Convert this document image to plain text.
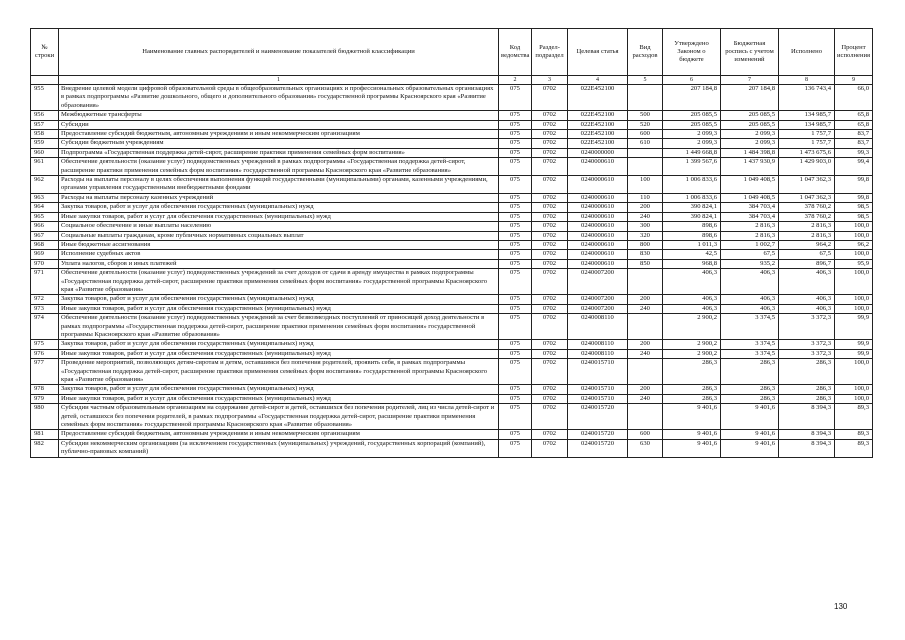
№ строки	Наименование главных распорядителей и наименование показателей бюджетной классификации	Код ведомства	Раздел-подраздел	Целевая статья	Вид расходов	Утверждено Законом о бюджете	Бюджетная роспись с учетом изменений	Исполнено	Процент исполнения
	1	2	3	4	5	6	7	8	9
955	Внедрение целевой модели цифровой образовательной среды в общеобразовательных организациях и профессиональных образовательных организациях в рамках подпрограммы «Развитие дошкольного, общего и дополнительного образования» государственной программы Красноярского края «Развитие образования»	075	0702	022E452100		207 184,8	207 184,8	136 743,4	66,0
956	Межбюджетные трансферты	075	0702	022E452100	500	205 085,5	205 085,5	134 985,7	65,8
957	Субсидии	075	0702	022E452100	520	205 085,5	205 085,5	134 985,7	65,8
958	Предоставление субсидий бюджетным, автономным учреждениям и иным некоммерческим организациям	075	0702	022E452100	600	2 099,3	2 099,3	1 757,7	83,7
959	Субсидии бюджетным учреждениям	075	0702	022E452100	610	2 099,3	2 099,3	1 757,7	83,7
960	Подпрограмма «Государственная поддержка детей-сирот, расширение практики применения семейных форм воспитания»	075	0702	0240000000		1 449 668,8	1 484 398,8	1 473 675,6	99,3
961	Обеспечение деятельности (оказание услуг) подведомственных учреждений в рамках подпрограммы «Государственная поддержка детей-сирот, расширение практики применения семейных форм воспитания» государственной программы Красноярского края «Развитие образования»	075	0702	0240000610		1 399 567,6	1 437 930,9	1 429 903,0	99,4
962	Расходы на выплаты персоналу в целях обеспечения выполнения функций государственными (муниципальными) органами, казенными учреждениями, органами управления государственными внебюджетными фондами	075	0702	0240000610	100	1 006 833,6	1 049 408,5	1 047 362,3	99,8
963	Расходы на выплаты персоналу казенных учреждений	075	0702	0240000610	110	1 006 833,6	1 049 408,5	1 047 362,3	99,8
964	Закупка товаров, работ и услуг для обеспечения государственных (муниципальных) нужд	075	0702	0240000610	200	390 824,1	384 703,4	378 760,2	98,5
965	Иные закупки товаров, работ и услуг для обеспечения государственных (муниципальных) нужд	075	0702	0240000610	240	390 824,1	384 703,4	378 760,2	98,5
966	Социальное обеспечение и иные выплаты населению	075	0702	0240000610	300	898,6	2 816,3	2 816,3	100,0
967	Социальные выплаты гражданам, кроме публичных нормативных социальных выплат	075	0702	0240000610	320	898,6	2 816,3	2 816,3	100,0
968	Иные бюджетные ассигнования	075	0702	0240000610	800	1 011,3	1 002,7	964,2	96,2
969	Исполнение судебных актов	075	0702	0240000610	830	42,5	67,5	67,5	100,0
970	Уплата налогов, сборов и иных платежей	075	0702	0240000610	850	968,8	935,2	896,7	95,9
971	Обеспечение деятельности (оказание услуг) подведомственных учреждений за счет доходов от сдачи в аренду имущества в рамках подпрограммы «Государственная поддержка детей-сирот, расширение практики применения семейных форм воспитания» государственной программы Красноярского края «Развитие образования»	075	0702	0240007200		406,3	406,3	406,3	100,0
972	Закупка товаров, работ и услуг для обеспечения государственных (муниципальных) нужд	075	0702	0240007200	200	406,3	406,3	406,3	100,0
973	Иные закупки товаров, работ и услуг для обеспечения государственных (муниципальных) нужд	075	0702	0240007200	240	406,3	406,3	406,3	100,0
974	Обеспечение деятельности (оказание услуг) подведомственных учреждений за счет безвозмездных поступлений от приносящей доход деятельности в рамках подпрограммы «Государственная поддержка детей-сирот, расширение практики применения семейных форм воспитания» государственной программы Красноярского края «Развитие образования»	075	0702	0240008110		2 900,2	3 374,5	3 372,3	99,9
975	Закупка товаров, работ и услуг для обеспечения государственных (муниципальных) нужд	075	0702	0240008110	200	2 900,2	3 374,5	3 372,3	99,9
976	Иные закупки товаров, работ и услуг для обеспечения государственных (муниципальных) нужд	075	0702	0240008110	240	2 900,2	3 374,5	3 372,3	99,9
977	Проведение мероприятий, позволяющих детям-сиротам и детям, оставшимся без попечения родителей, проявить себя, в рамках подпрограммы «Государственная поддержка детей-сирот, расширение практики применения семейных форм воспитания» государственной программы Красноярского края «Развитие образования»	075	0702	0240015710		286,3	286,3	286,3	100,0
978	Закупка товаров, работ и услуг для обеспечения государственных (муниципальных) нужд	075	0702	0240015710	200	286,3	286,3	286,3	100,0
979	Иные закупки товаров, работ и услуг для обеспечения государственных (муниципальных) нужд	075	0702	0240015710	240	286,3	286,3	286,3	100,0
980	Субсидии частным образовательным организациям на содержание детей-сирот и детей, оставшихся без попечения родителей, лиц из числа детей-сирот и детей, оставшихся без попечения родителей, в рамках подпрограммы «Государственная поддержка детей-сирот, расширение практики применения семейных форм воспитания» государственной программы Красноярского края «Развитие образования»	075	0702	0240015720		9 401,6	9 401,6	8 394,3	89,3
981	Предоставление субсидий бюджетным, автономным учреждениям и иным некоммерческим организациям	075	0702	0240015720	600	9 401,6	9 401,6	8 394,3	89,3
982	Субсидии некоммерческим организациям (за исключением государственных (муниципальных) учреждений, государственных корпораций (компаний), публично-правовых компаний)	075	0702	0240015720	630	9 401,6	9 401,6	8 394,3	89,3
130
